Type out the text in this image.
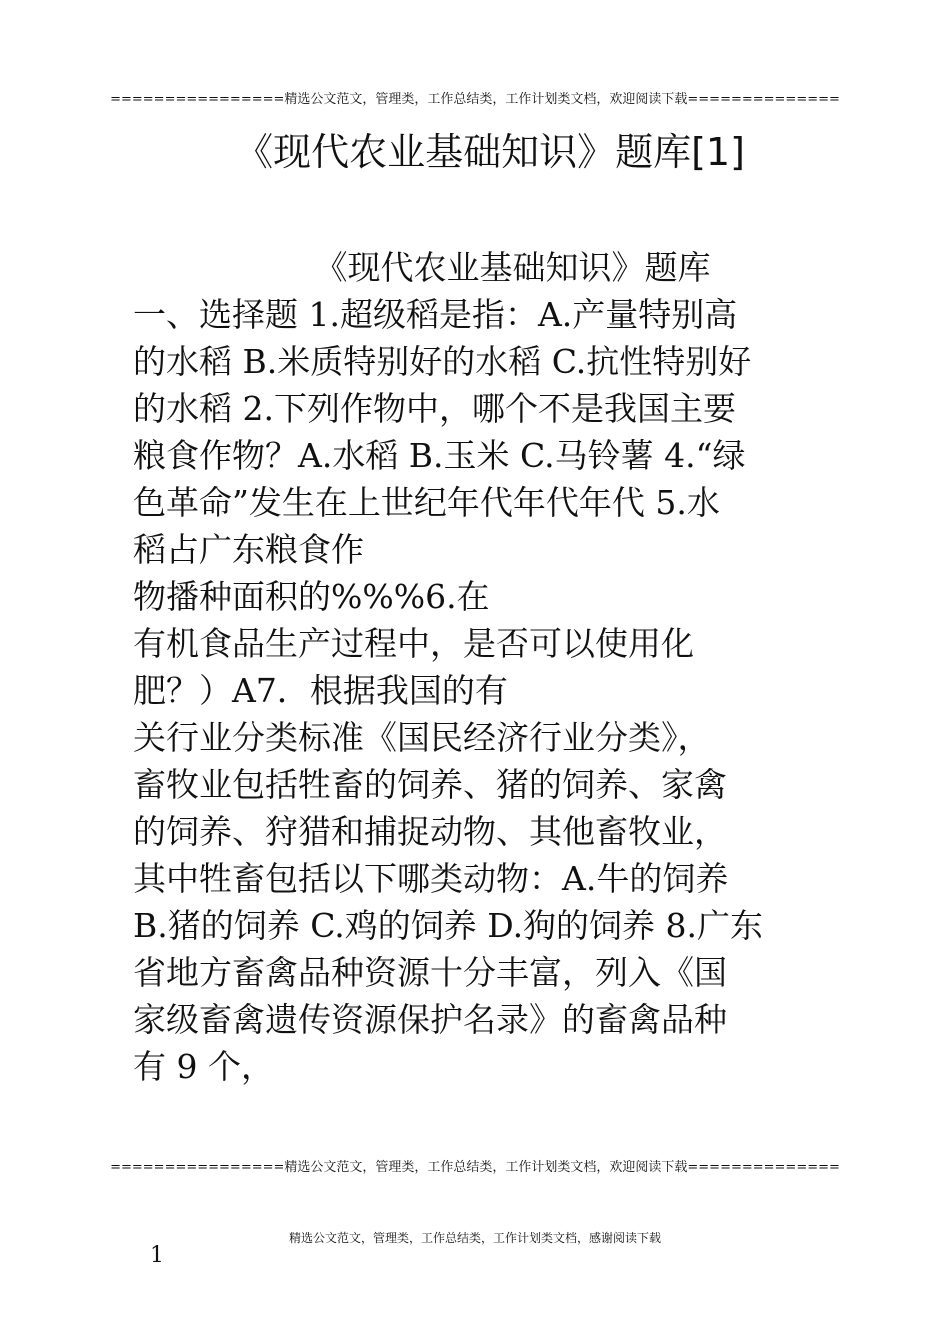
================精选公文范文，管理类，工作总结类，工作计划类文档，欢迎阅读下载==============
《现代农业基础知识》题库[1]
　　　　　　《现代农业基础知识》题库
一、选择题 1.超级稻是指：A.产量特别高
的水稻 B.米质特别好的水稻 C.抗性特别好
的水稻 2.下列作物中，哪个不是我国主要
粮食作物？A.水稻 B.玉米 C.马铃薯 4.“绿
色革命”发生在上世纪年代年代年代 5.水
稻占广东粮食作
物播种面积的%%%6.在
有机食品生产过程中，是否可以使用化
肥？）A7．根据我国的有
关行业分类标准《国民经济行业分类》，
畜牧业包括牲畜的饲养、猪的饲养、家禽
的饲养、狩猎和捕捉动物、其他畜牧业，
其中牲畜包括以下哪类动物：A.牛的饲养
B.猪的饲养 C.鸡的饲养 D.狗的饲养 8.广东
省地方畜禽品种资源十分丰富，列入《国
家级畜禽遗传资源保护名录》的畜禽品种
有 9 个，
================精选公文范文，管理类，工作总结类，工作计划类文档，欢迎阅读下载==============
精选公文范文，管理类，工作总结类，工作计划类文档，感谢阅读下载
1
